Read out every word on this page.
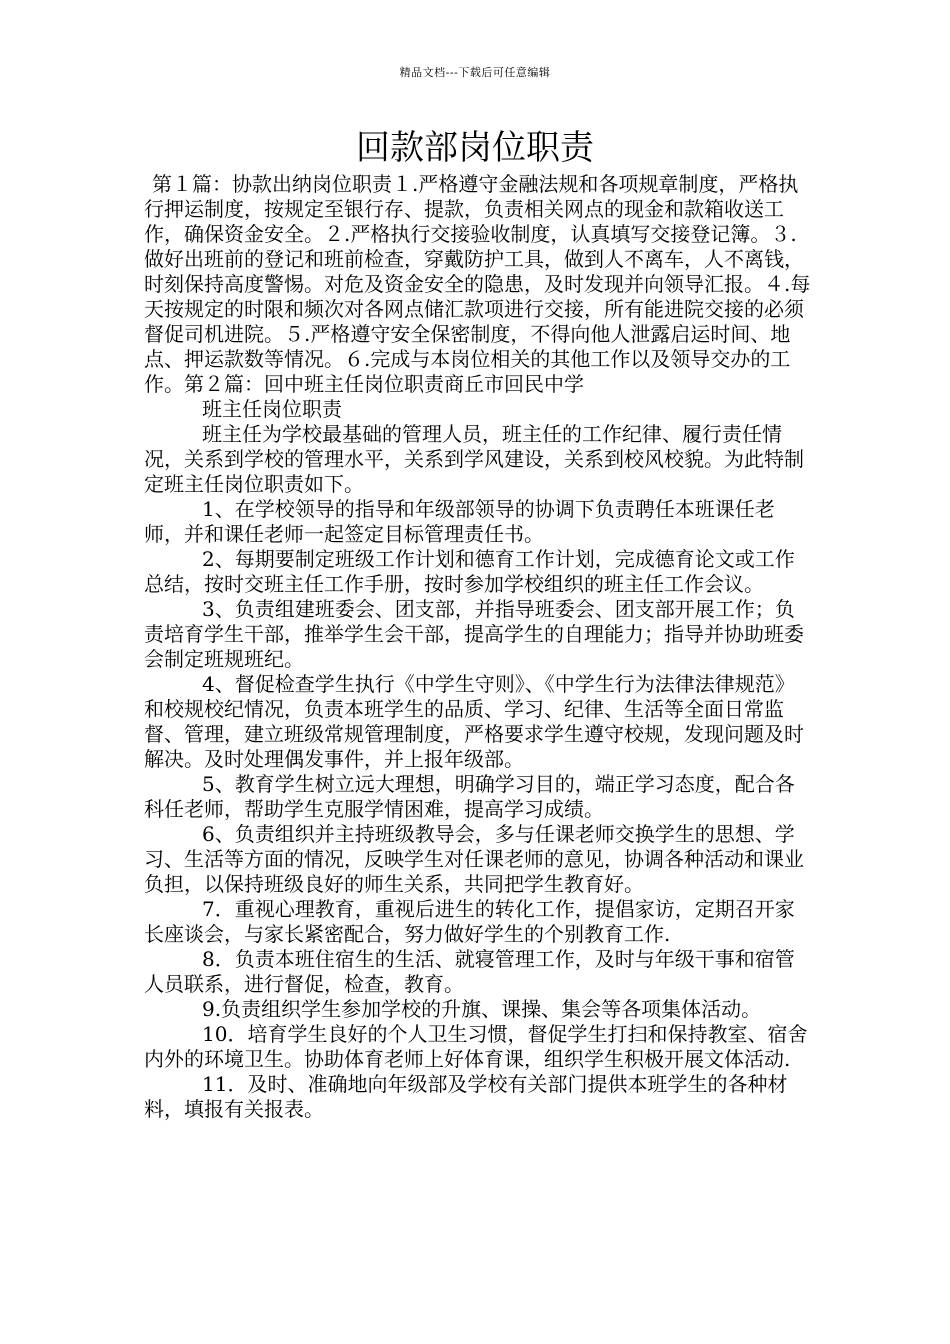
精品文档---下载后可任意编辑
回款部岗位职责

第１篇：协款出纳岗位职责１.严格遵守金融法规和各项规章制度，严格执行押运制度，按规定至银行存、提款，负责相关网点的现金和款箱收送工作，确保资金安全。２.严格执行交接验收制度，认真填写交接登记簿。３.做好出班前的登记和班前检查，穿戴防护工具，做到人不离车，人不离钱，时刻保持高度警惕。对危及资金安全的隐患，及时发现并向领导汇报。４.每天按规定的时限和频次对各网点储汇款项进行交接，所有能进院交接的必须督促司机进院。５.严格遵守安全保密制度，不得向他人泄露启运时间、地点、押运款数等情况。６.完成与本岗位相关的其他工作以及领导交办的工作。第２篇：回中班主任岗位职责商丘市回民中学

班主任岗位职责

班主任为学校最基础的管理人员，班主任的工作纪律、履行责任情况，关系到学校的管理水平，关系到学风建设，关系到校风校貌。为此特制定班主任岗位职责如下。

1、在学校领导的指导和年级部领导的协调下负责聘任本班课任老师，并和课任老师一起签定目标管理责任书。

2、每期要制定班级工作计划和德育工作计划，完成德育论文或工作总结，按时交班主任工作手册，按时参加学校组织的班主任工作会议。

3、负责组建班委会、团支部，并指导班委会、团支部开展工作；负责培育学生干部，推举学生会干部，提高学生的自理能力；指导并协助班委会制定班规班纪。

4、督促检查学生执行《中学生守则》、《中学生行为法律法律规范》和校规校纪情况，负责本班学生的品质、学习、纪律、生活等全面日常监督、管理，建立班级常规管理制度，严格要求学生遵守校规，发现问题及时解决。及时处理偶发事件，并上报年级部。

5、教育学生树立远大理想，明确学习目的，端正学习态度，配合各科任老师，帮助学生克服学情困难，提高学习成绩。

6、负责组织并主持班级教导会，多与任课老师交换学生的思想、学习、生活等方面的情况，反映学生对任课老师的意见，协调各种活动和课业负担，以保持班级良好的师生关系，共同把学生教育好。

7．重视心理教育，重视后进生的转化工作，提倡家访，定期召开家长座谈会，与家长紧密配合，努力做好学生的个别教育工作.

8．负责本班住宿生的生活、就寝管理工作，及时与年级干事和宿管人员联系，进行督促，检查，教育。

9.负责组织学生参加学校的升旗、课操、集会等各项集体活动。

10．培育学生良好的个人卫生习惯，督促学生打扫和保持教室、宿舍内外的环境卫生。协助体育老师上好体育课，组织学生积极开展文体活动.

11．及时、准确地向年级部及学校有关部门提供本班学生的各种材料，填报有关报表。
